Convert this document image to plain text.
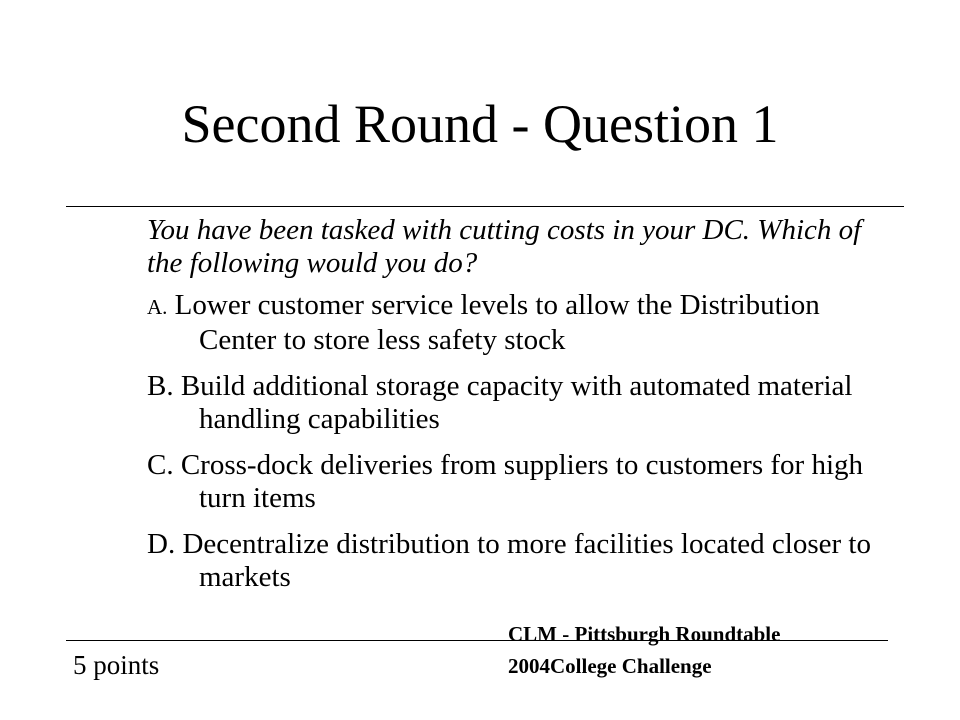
Second Round - Question 1
You have been tasked with cutting costs in your DC. Which of the following would you do?
A. Lower customer service levels to allow the Distribution Center to store less safety stock
B. Build additional storage capacity with automated material handling capabilities
C. Cross-dock deliveries from suppliers to customers for high turn items
D. Decentralize distribution to more facilities located closer to markets
5 points
CLM - Pittsburgh Roundtable
2004College Challenge
